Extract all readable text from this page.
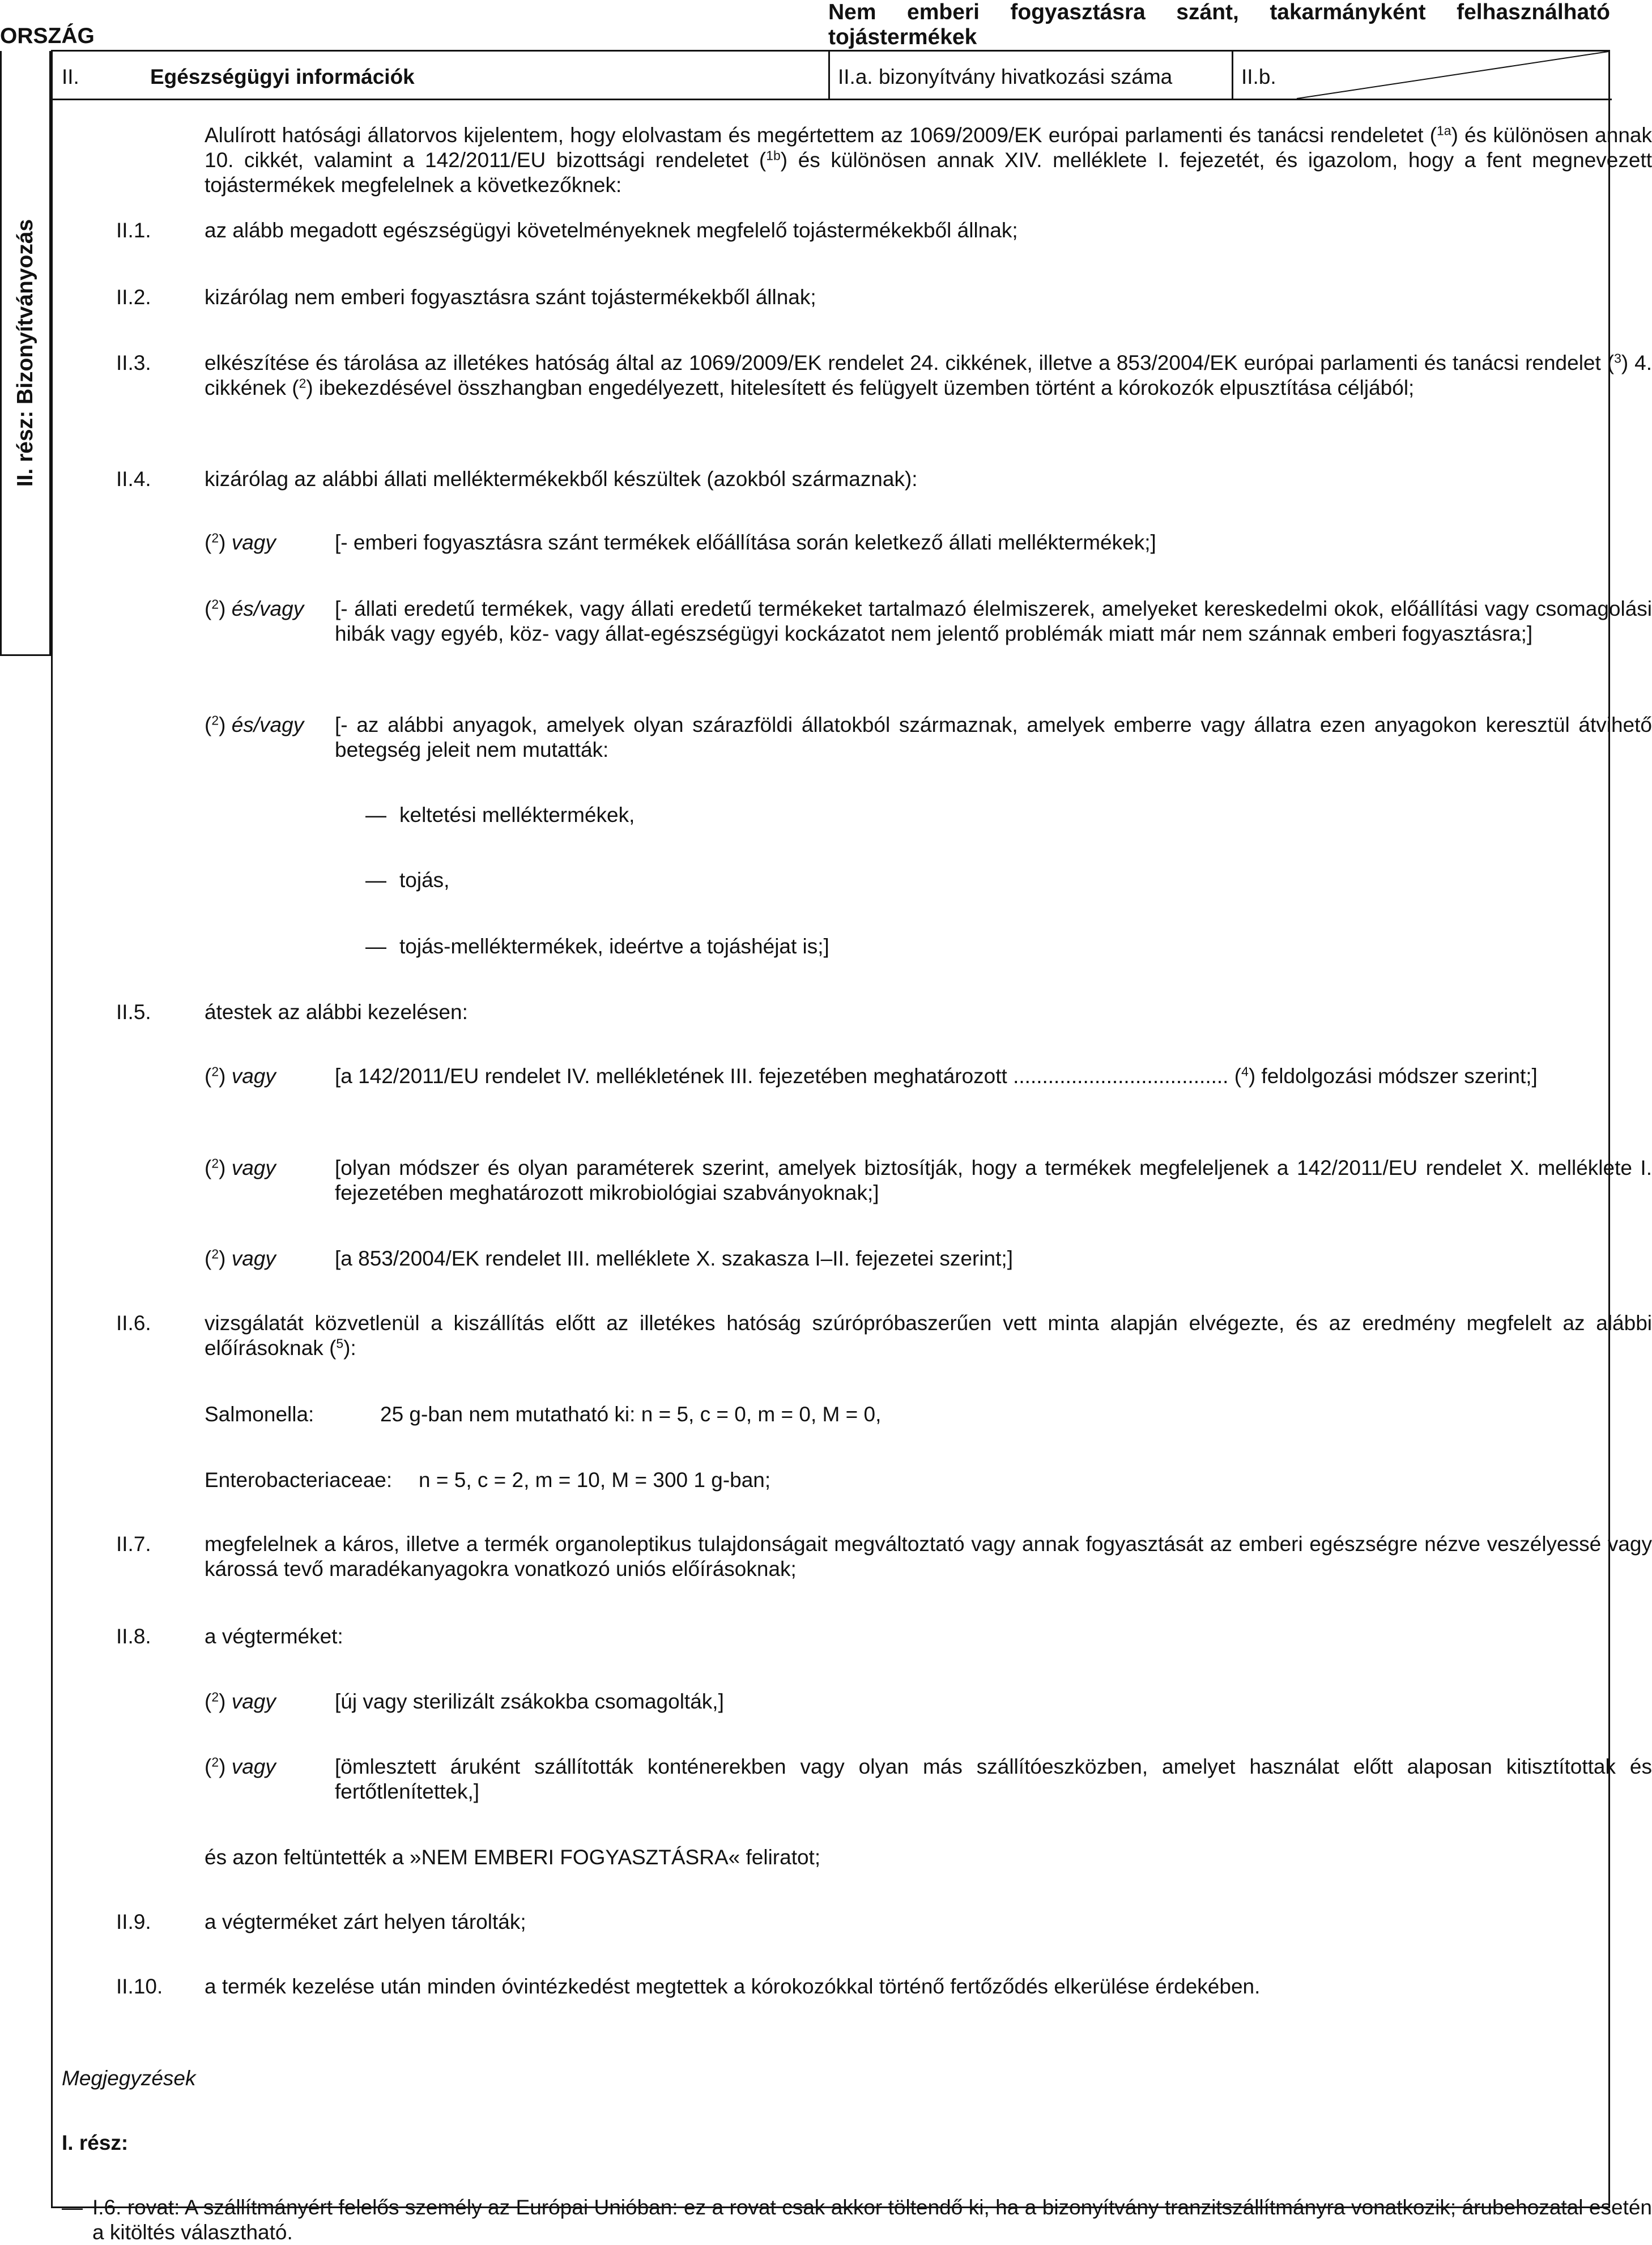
ORSZÁG
Nem emberi fogyasztásra szánt, takarmányként felhasználható
tojástermékek
II. rész: Bizonyítványozás
II.	Egészségügyi információk	II.a. bizonyítvány hivatkozási száma	II.b.
Alulírott hatósági állatorvos kijelentem, hogy elolvastam és megértettem az 1069/2009/EK európai parlamenti és tanácsi rendeletet ($^{1a}$) és különösen annak 10. cikkét, valamint a 142/2011/EU bizottsági rendeletet ($^{1b}$) és különösen annak XIV. melléklete I. fejezetét, és igazolom, hogy a fent megnevezett tojástermékek megfelelnek a következőknek:
II.1.	az alább megadott egészségügyi követelményeknek megfelelő tojástermékekből állnak;
II.2.	kizárólag nem emberi fogyasztásra szánt tojástermékekből állnak;
II.3.	elkészítése és tárolása az illetékes hatóság által az 1069/2009/EK rendelet 24. cikkének, illetve a 853/2004/EK európai parlamenti és tanácsi rendelet ($^3$) 4. cikkének ($^2$) ibekezdésével összhangban engedélyezett, hitelesített és felügyelt üzemben történt a kórokozók elpusztítása céljából;
II.4.	kizárólag az alábbi állati melléktermékekből készültek (azokból származnak):
($^2$) vagy	[- emberi fogyasztásra szánt termékek előállítása során keletkező állati melléktermékek;]
($^2$) és/vagy [- állati eredetű termékek, vagy állati eredetű termékeket tartalmazó élelmiszerek, amelyeket kereskedelmi okok, előállítási vagy csomagolási hibák vagy egyéb, köz- vagy állat-egészségügyi kockázatot nem jelentő problémák miatt már nem szánnak emberi fogyasztásra;]
($^2$) és/vagy [- az alábbi anyagok, amelyek olyan szárazföldi állatokból származnak, amelyek emberre vagy állatra ezen anyagokon keresztül átvihető betegség jeleit nem mutatták:
— keltetési melléktermékek,
— tojás,
— tojás-melléktermékek, ideértve a tojáshéjat is;]
II.5.	átestek az alábbi kezelésen:
($^2$) vagy	[a 142/2011/EU rendelet IV. mellékletének III. fejezetében meghatározott ..................................... ($^4$) feldolgozási módszer szerint;]
($^2$) vagy	[olyan módszer és olyan paraméterek szerint, amelyek biztosítják, hogy a termékek megfeleljenek a 142/2011/EU rendelet X. melléklete I. fejezetében meghatározott mikrobiológiai szabványoknak;]
($^2$) vagy	[a 853/2004/EK rendelet III. melléklete X. szakasza I–II. fejezetei szerint;]
II.6.	vizsgálatát közvetlenül a kiszállítás előtt az illetékes hatóság szúrópróbaszerűen vett minta alapján elvégezte, és az eredmény megfelelt az alábbi előírásoknak ($^5$):
Salmonella:	25 g-ban nem mutatható ki: n = 5, c = 0, m = 0, M = 0,
Enterobacteriaceae: n = 5, c = 2, m = 10, M = 300 1 g-ban;
II.7.	megfelelnek a káros, illetve a termék organoleptikus tulajdonságait megváltoztató vagy annak fogyasztását az emberi egészségre nézve veszélyessé vagy károssá tevő maradékanyagokra vonatkozó uniós előírásoknak;
II.8.	a végterméket:
($^2$) vagy	[új vagy sterilizált zsákokba csomagolták,]
($^2$) vagy	[ömlesztett áruként szállították konténerekben vagy olyan más szállítóeszközben, amelyet használat előtt alaposan kitisztítottak és fertőtlenítettek,]
és azon feltüntették a »NEM EMBERI FOGYASZTÁSRA« feliratot;
II.9.	a végterméket zárt helyen tárolták;
II.10. a termék kezelése után minden óvintézkedést megtettek a kórokozókkal történő fertőződés elkerülése érdekében.
Megjegyzések
I. rész:
— I.6. rovat: A szállítmányért felelős személy az Európai Unióban: ez a rovat csak akkor töltendő ki, ha a bizonyítvány tranzitszállítmányra vonatkozik; árubehozatal esetén a kitöltés választható.
